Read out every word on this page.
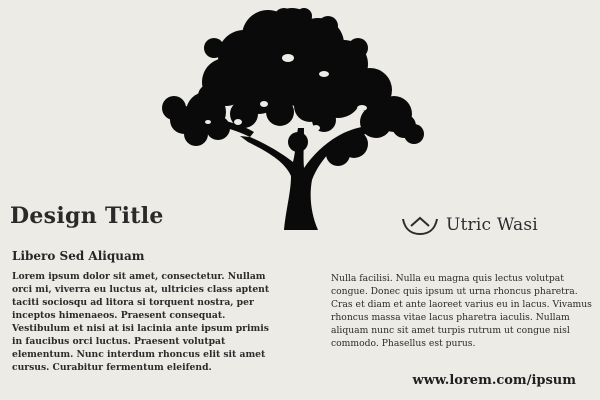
Design Title	Utric Wasi
Libero Sed Aliquam
Lorem ipsum dolor sit amet, consectetur. Nullam orci mi, viverra eu luctus at, ultricies class aptent taciti sociosqu ad litora si torquent nostra, per inceptos himenaeos. Praesent consequat. Vestibulum et nisi at isi lacinia ante ipsum primis in faucibus orci luctus. Praesent volutpat elementum. Nunc interdum rhoncus elit sit amet cursus. Curabitur fermentum eleifend.
Nulla facilisi. Nulla eu magna quis lectus volutpat congue. Donec quis ipsum ut urna rhoncus pharetra. Cras et diam et ante laoreet varius eu in lacus. Vivamus rhoncus massa vitae lacus pharetra iaculis. Nullam aliquam nunc sit amet turpis rutrum ut congue nisl commodo. Phasellus est purus.
www.lorem.com/ipsum
